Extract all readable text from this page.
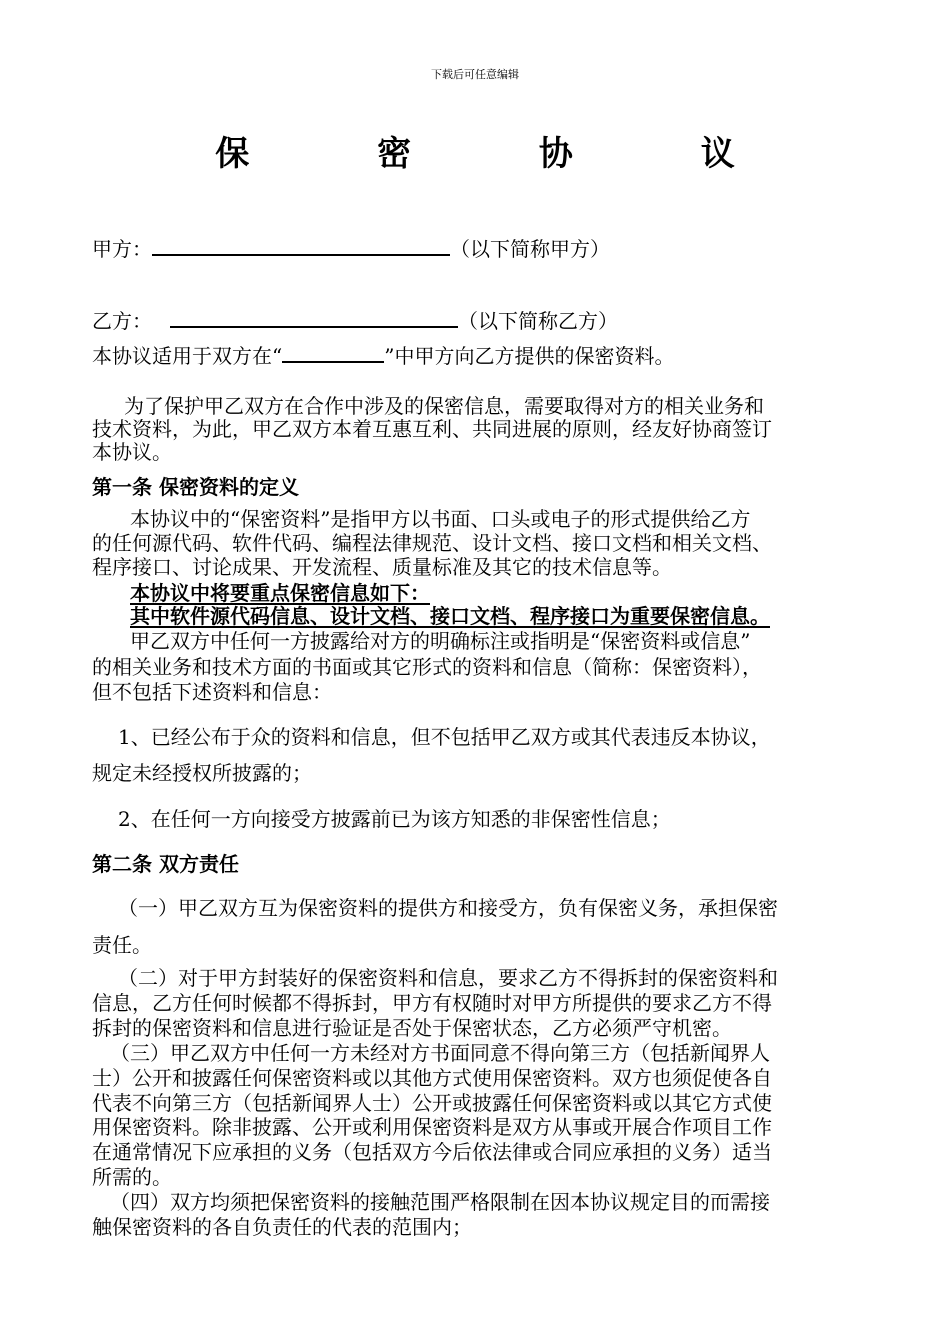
下载后可任意编辑
保 密 协 议
甲方：	（以下简称甲方）
乙方：	（以下简称乙方）
本协议适用于双方在“	”中甲方向乙方提供的保密资料。
为了保护甲乙双方在合作中涉及的保密信息，需要取得对方的相关业务和
技术资料，为此，甲乙双方本着互惠互利、共同进展的原则，经友好协商签订
本协议。
第一条 保密资料的定义
本协议中的“保密资料”是指甲方以书面、口头或电子的形式提供给乙方
的任何源代码、软件代码、编程法律规范、设计文档、接口文档和相关文档、
程序接口、讨论成果、开发流程、质量标准及其它的技术信息等。
本协议中将要重点保密信息如下：
其中软件源代码信息、设计文档、接口文档、程序接口为重要保密信息。
甲乙双方中任何一方披露给对方的明确标注或指明是“保密资料或信息”
的相关业务和技术方面的书面或其它形式的资料和信息（简称：保密资料），
但不包括下述资料和信息：
1、已经公布于众的资料和信息，但不包括甲乙双方或其代表违反本协议，
规定未经授权所披露的；
2、在任何一方向接受方披露前已为该方知悉的非保密性信息；
第二条 双方责任
（一）甲乙双方互为保密资料的提供方和接受方，负有保密义务，承担保密
责任。
（二）对于甲方封装好的保密资料和信息，要求乙方不得拆封的保密资料和
信息，乙方任何时候都不得拆封，甲方有权随时对甲方所提供的要求乙方不得
拆封的保密资料和信息进行验证是否处于保密状态，乙方必须严守机密。
（三）甲乙双方中任何一方未经对方书面同意不得向第三方（包括新闻界人
士）公开和披露任何保密资料或以其他方式使用保密资料。双方也须促使各自
代表不向第三方（包括新闻界人士）公开或披露任何保密资料或以其它方式使
用保密资料。除非披露、公开或利用保密资料是双方从事或开展合作项目工作
在通常情况下应承担的义务（包括双方今后依法律或合同应承担的义务）适当
所需的。
（四）双方均须把保密资料的接触范围严格限制在因本协议规定目的而需接
触保密资料的各自负责任的代表的范围内；
